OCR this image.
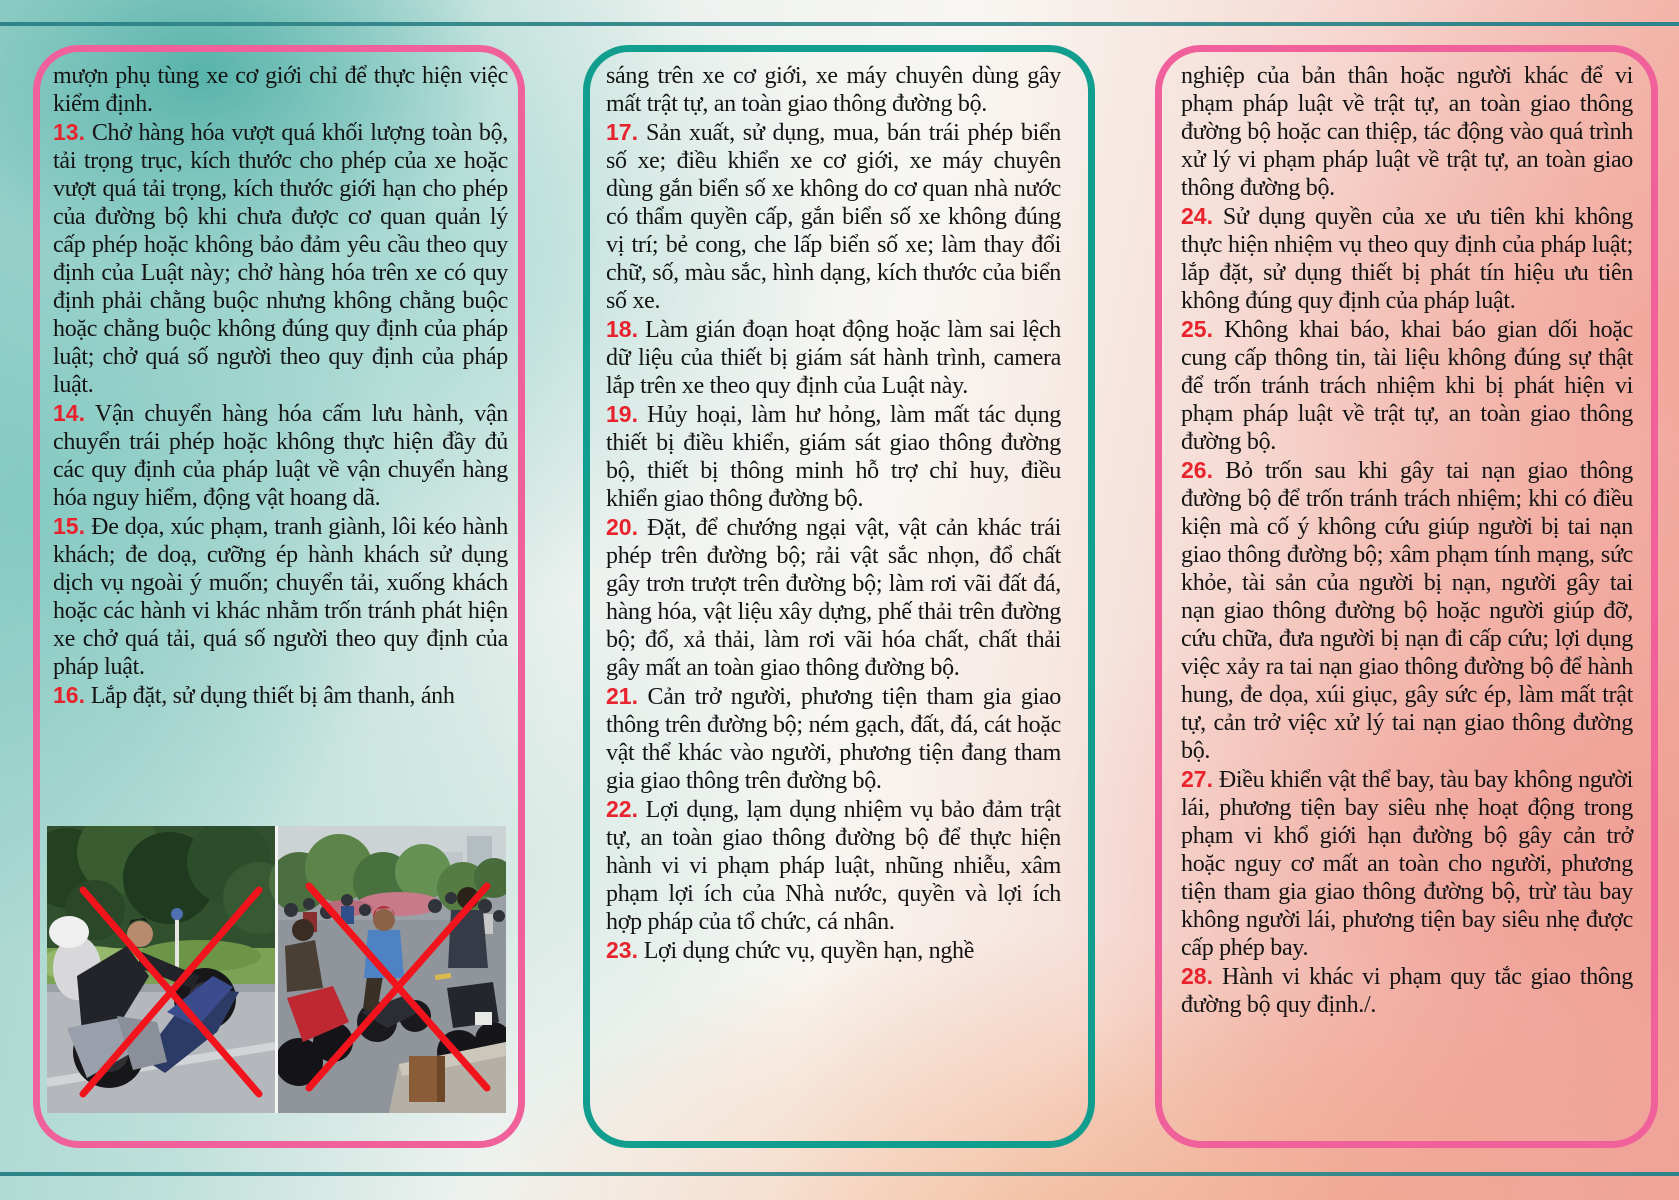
mượn phụ tùng xe cơ giới chỉ để thực hiện việc kiểm định.

13. Chở hàng hóa vượt quá khối lượng toàn bộ, tải trọng trục, kích thước cho phép của xe hoặc vượt quá tải trọng, kích thước giới hạn cho phép của đường bộ khi chưa được cơ quan quản lý cấp phép hoặc không bảo đảm yêu cầu theo quy định của Luật này; chở hàng hóa trên xe có quy định phải chằng buộc nhưng không chằng buộc hoặc chằng buộc không đúng quy định của pháp luật; chở quá số người theo quy định của pháp luật.

14. Vận chuyển hàng hóa cấm lưu hành, vận chuyển trái phép hoặc không thực hiện đầy đủ các quy định của pháp luật về vận chuyển hàng hóa nguy hiểm, động vật hoang dã.

15. Đe dọa, xúc phạm, tranh giành, lôi kéo hành khách; đe doạ, cưỡng ép hành khách sử dụng dịch vụ ngoài ý muốn; chuyển tải, xuống khách hoặc các hành vi khác nhằm trốn tránh phát hiện xe chở quá tải, quá số người theo quy định của pháp luật.

16. Lắp đặt, sử dụng thiết bị âm thanh, ánh

sáng trên xe cơ giới, xe máy chuyên dùng gây mất trật tự, an toàn giao thông đường bộ.

17. Sản xuất, sử dụng, mua, bán trái phép biển số xe; điều khiển xe cơ giới, xe máy chuyên dùng gắn biển số xe không do cơ quan nhà nước có thẩm quyền cấp, gắn biển số xe không đúng vị trí; bẻ cong, che lấp biển số xe; làm thay đổi chữ, số, màu sắc, hình dạng, kích thước của biển số xe.

18. Làm gián đoạn hoạt động hoặc làm sai lệch dữ liệu của thiết bị giám sát hành trình, camera lắp trên xe theo quy định của Luật này.

19. Hủy hoại, làm hư hỏng, làm mất tác dụng thiết bị điều khiển, giám sát giao thông đường bộ, thiết bị thông minh hỗ trợ chỉ huy, điều khiển giao thông đường bộ.

20. Đặt, để chướng ngại vật, vật cản khác trái phép trên đường bộ; rải vật sắc nhọn, đổ chất gây trơn trượt trên đường bộ; làm rơi vãi đất đá, hàng hóa, vật liệu xây dựng, phế thải trên đường bộ; đổ, xả thải, làm rơi vãi hóa chất, chất thải gây mất an toàn giao thông đường bộ.

21. Cản trở người, phương tiện tham gia giao thông trên đường bộ; ném gạch, đất, đá, cát hoặc vật thể khác vào người, phương tiện đang tham gia giao thông trên đường bộ.

22. Lợi dụng, lạm dụng nhiệm vụ bảo đảm trật tự, an toàn giao thông đường bộ để thực hiện hành vi vi phạm pháp luật, nhũng nhiễu, xâm phạm lợi ích của Nhà nước, quyền và lợi ích hợp pháp của tổ chức, cá nhân.

23. Lợi dụng chức vụ, quyền hạn, nghề

nghiệp của bản thân hoặc người khác để vi phạm pháp luật về trật tự, an toàn giao thông đường bộ hoặc can thiệp, tác động vào quá trình xử lý vi phạm pháp luật về trật tự, an toàn giao thông đường bộ.

24. Sử dụng quyền của xe ưu tiên khi không thực hiện nhiệm vụ theo quy định của pháp luật; lắp đặt, sử dụng thiết bị phát tín hiệu ưu tiên không đúng quy định của pháp luật.

25. Không khai báo, khai báo gian dối hoặc cung cấp thông tin, tài liệu không đúng sự thật để trốn tránh trách nhiệm khi bị phát hiện vi phạm pháp luật về trật tự, an toàn giao thông đường bộ.

26. Bỏ trốn sau khi gây tai nạn giao thông đường bộ để trốn tránh trách nhiệm; khi có điều kiện mà cố ý không cứu giúp người bị tai nạn giao thông đường bộ; xâm phạm tính mạng, sức khỏe, tài sản của người bị nạn, người gây tai nạn giao thông đường bộ hoặc người giúp đỡ, cứu chữa, đưa người bị nạn đi cấp cứu; lợi dụng việc xảy ra tai nạn giao thông đường bộ để hành hung, đe dọa, xúi giục, gây sức ép, làm mất trật tự, cản trở việc xử lý tai nạn giao thông đường bộ.

27. Điều khiển vật thể bay, tàu bay không người lái, phương tiện bay siêu nhẹ hoạt động trong phạm vi khổ giới hạn đường bộ gây cản trở hoặc nguy cơ mất an toàn cho người, phương tiện tham gia giao thông đường bộ, trừ tàu bay không người lái, phương tiện bay siêu nhẹ được cấp phép bay.

28. Hành vi khác vi phạm quy tắc giao thông đường bộ quy định./.
